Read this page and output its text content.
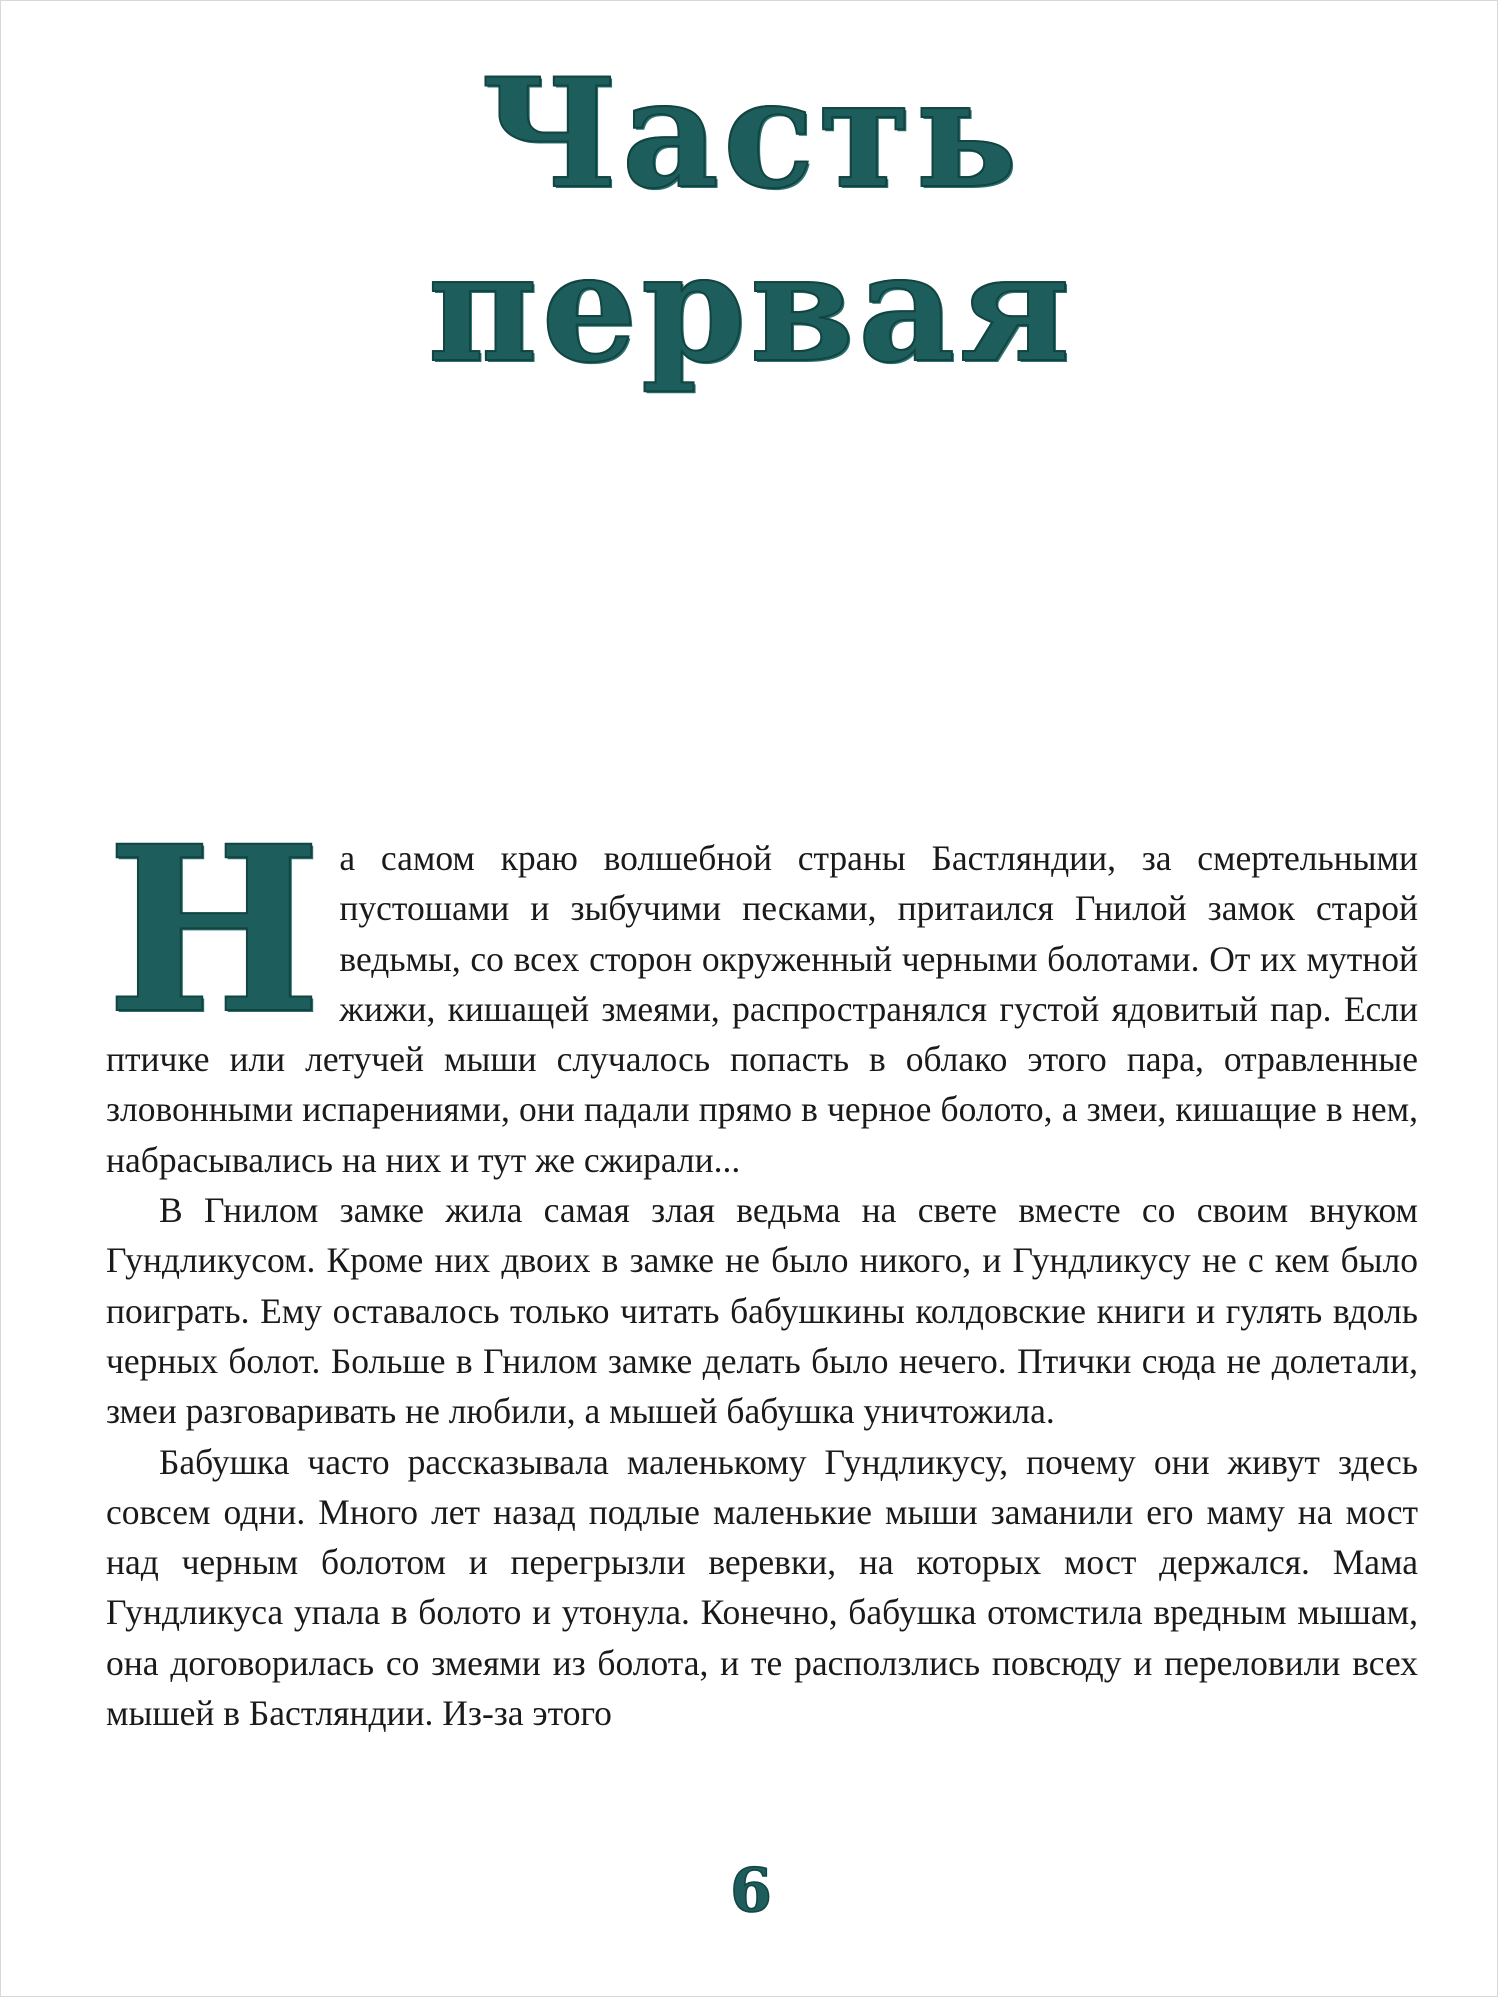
Часть
первая

Н а самом краю волшебной страны Бастляндии, за смертельными пустошами и зыбучими песками, притаился Гнилой замок старой ведьмы, со всех сторон окруженный черными болотами. От их мутной жижи, кишащей змеями, распространялся густой ядовитый пар. Если птичке или летучей мыши случалось попасть в облако этого пара, отравленные зловонными испарениями, они падали прямо в черное болото, а змеи, кишащие в нем, набрасывались на них и тут же сжирали...

В Гнилом замке жила самая злая ведьма на свете вместе со своим внуком Гундликусом. Кроме них двоих в замке не было никого, и Гундликусу не с кем было поиграть. Ему оставалось только читать бабушкины колдовские книги и гулять вдоль черных болот. Больше в Гнилом замке делать было нечего. Птички сюда не долетали, змеи разговаривать не любили, а мышей бабушка уничтожила.

Бабушка часто рассказывала маленькому Гундликусу, почему они живут здесь совсем одни. Много лет назад подлые маленькие мыши заманили его маму на мост над черным болотом и перегрызли веревки, на которых мост держался. Мама Гундликуса упала в болото и утонула. Конечно, бабушка отомстила вредным мышам, она договорилась со змеями из болота, и те расползлись повсюду и переловили всех мышей в Бастляндии. Из-за этого

6
